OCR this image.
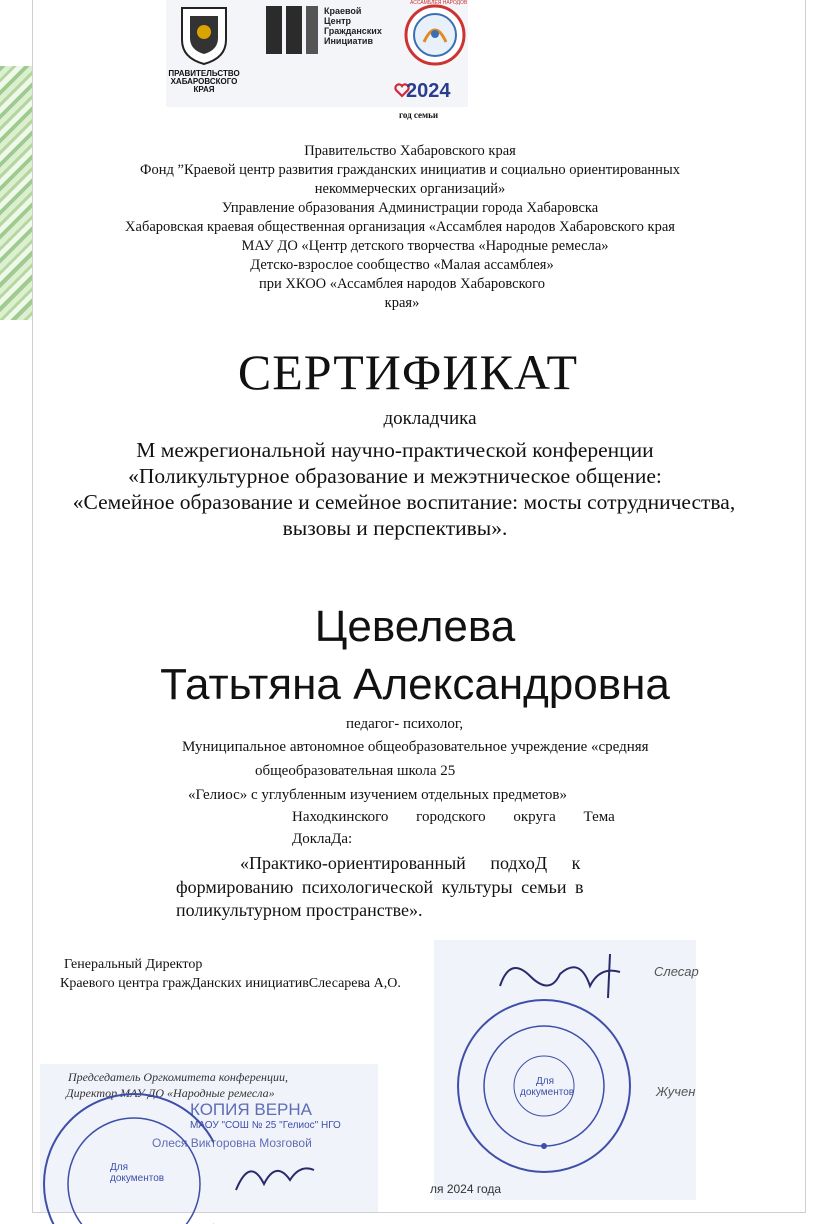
ПРАВИТЕЛЬСТВО
ХАБАРОВСКОГО КРАЯ
Краевой
Центр
Гражданских
Инициатив
АССАМБЛЕЯ НАРОДОВ
2024
год семьи
Правительство Хабаровского края
Фонд ”Краевой центр развития гражданских инициатив и социально ориентированных
некоммерческих организаций»
Управление образования Администрации города Хабаровска
Хабаровская краевая общественная организация «Ассамблея народов Хабаровского края
МАУ ДО «Центр детского творчества «Народные ремесла»
Детско-взрослое сообщество «Малая ассамблея»
при ХКОО «Ассамблея народов Хабаровского
края»
СЕРТИФИКАТ
докладчика
М межрегиональной научно-практической конференции
«Поликультурное образование и межэтническое общение:
«Семейное образование и семейное воспитание: мосты сотрудничества,
вызовы и перспективы».
Цевелева
Татьтяна Александровна
педагог- психолог,
Муниципальное автономное общеобразовательное учреждение «средняя
общеобразовательная школа 25
«Гелиос» с углубленным изучением отдельных предметов»
Находкинского городского округа Тема
ДоклаДа:
«Практико-ориентированный подхоД к
формированию психологической культуры семьи в
поликультурном пространстве».
Генеральный Директор
Краевого центра гражДанских инициативСлесарева А,О.
Слесар
Для документов	Жучен
Председатель Оргкомитета конференции,
Директор МАУ ДО «Народные ремесла»
КОПИЯ ВЕРНА
МАОУ "СОШ № 25 "Гелиос" НГО
Олеся Викторовна Мозговой
Для документов
ля 2024 года
